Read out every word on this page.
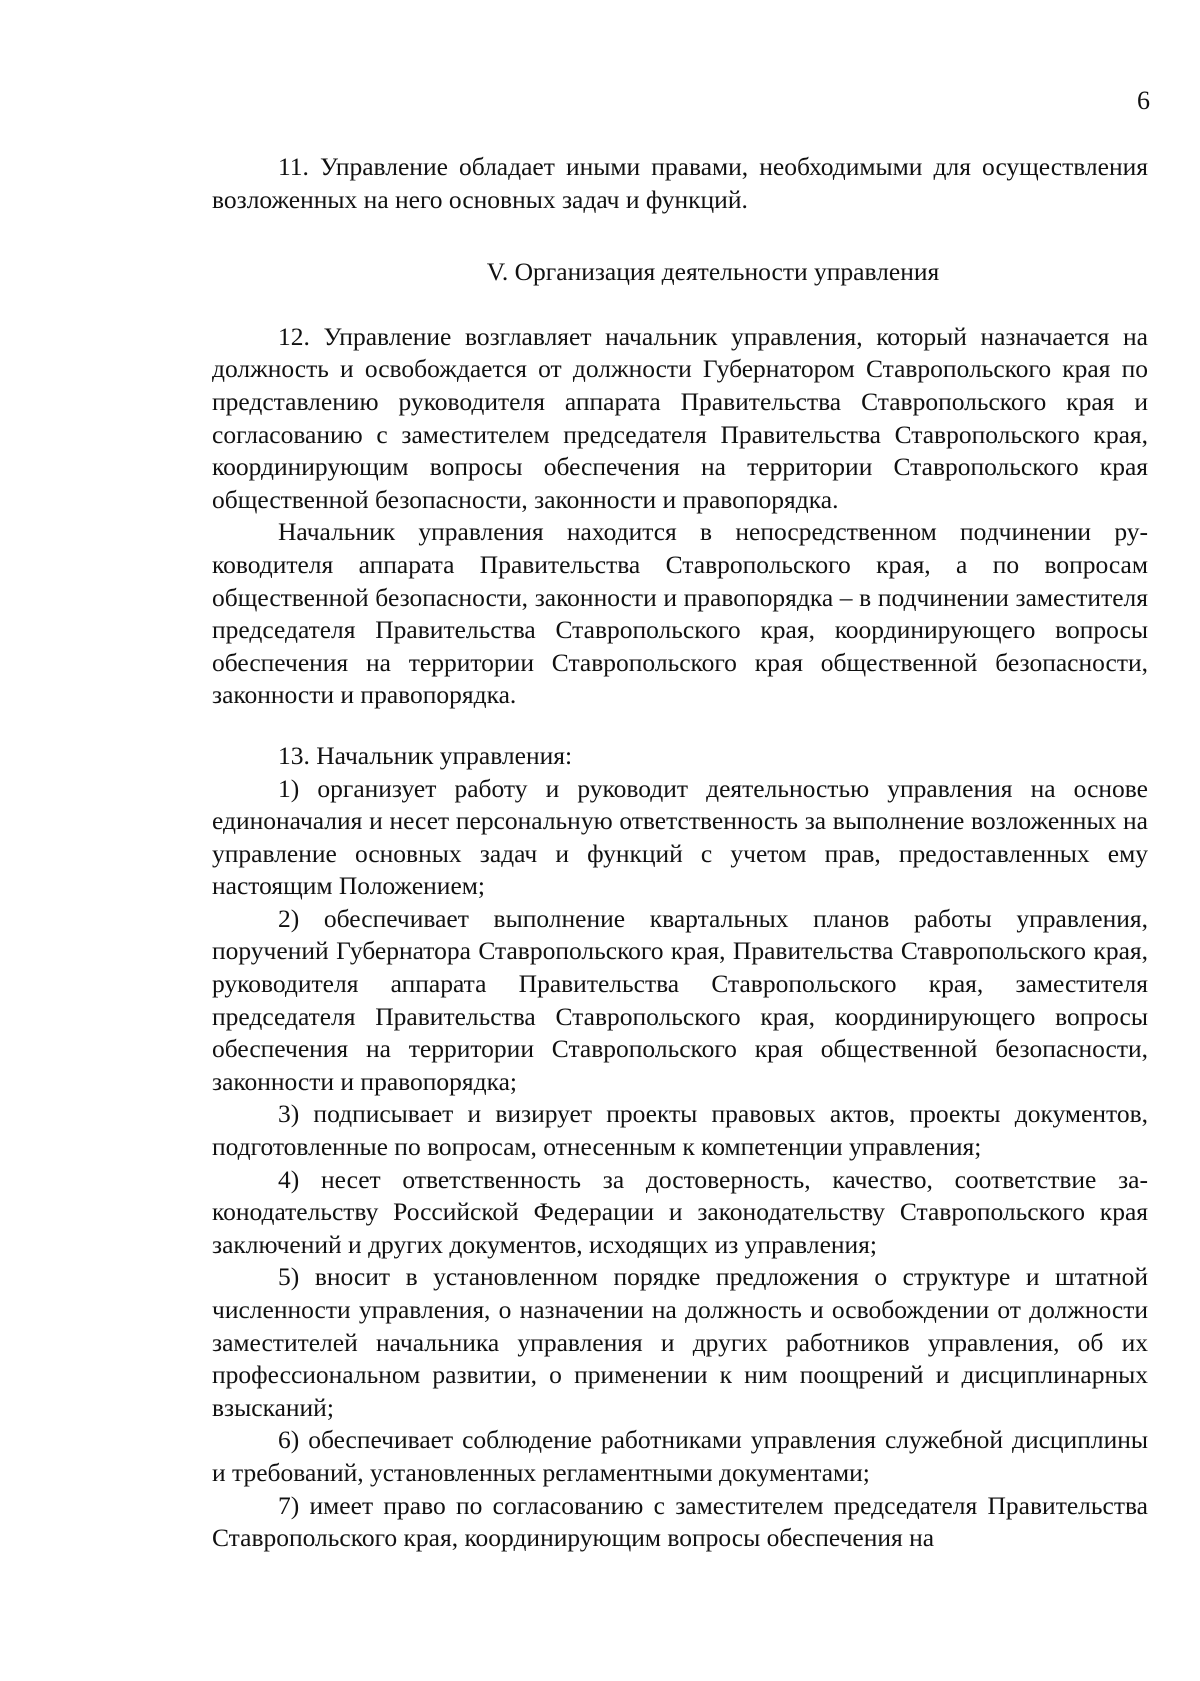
6

11. Управление обладает иными правами, необходимыми для осуществления возложенных на него основных задач и функций.

V. Организация деятельности управления

12. Управление возглавляет начальник управления, который назначается на должность и освобождается от должности Губернатором Ставропольского края по представлению руководителя аппарата Правительства Ставропольского края и согласованию с заместителем председателя Правительства Ставропольского края, координирующим вопросы обеспечения на территории Ставропольского края общественной безопасности, законности и правопорядка.

Начальник управления находится в непосредственном подчинении руководителя аппарата Правительства Ставропольского края, а по вопросам общественной безопасности, законности и правопорядка – в подчинении заместителя председателя Правительства Ставропольского края, координирующего вопросы обеспечения на территории Ставропольского края общественной безопасности, законности и правопорядка.

13. Начальник управления:

1) организует работу и руководит деятельностью управления на основе единоначалия и несет персональную ответственность за выполнение возложенных на управление основных задач и функций с учетом прав, предоставленных ему настоящим Положением;

2) обеспечивает выполнение квартальных планов работы управления, поручений Губернатора Ставропольского края, Правительства Ставропольского края, руководителя аппарата Правительства Ставропольского края, заместителя председателя Правительства Ставропольского края, координирующего вопросы обеспечения на территории Ставропольского края общественной безопасности, законности и правопорядка;

3) подписывает и визирует проекты правовых актов, проекты документов, подготовленные по вопросам, отнесенным к компетенции управления;

4) несет ответственность за достоверность, качество, соответствие законодательству Российской Федерации и законодательству Ставропольского края заключений и других документов, исходящих из управления;

5) вносит в установленном порядке предложения о структуре и штатной численности управления, о назначении на должность и освобождении от должности заместителей начальника управления и других работников управления, об их профессиональном развитии, о применении к ним поощрений и дисциплинарных взысканий;

6) обеспечивает соблюдение работниками управления служебной дисциплины и требований, установленных регламентными документами;

7) имеет право по согласованию с заместителем председателя Правительства Ставропольского края, координирующим вопросы обеспечения на
